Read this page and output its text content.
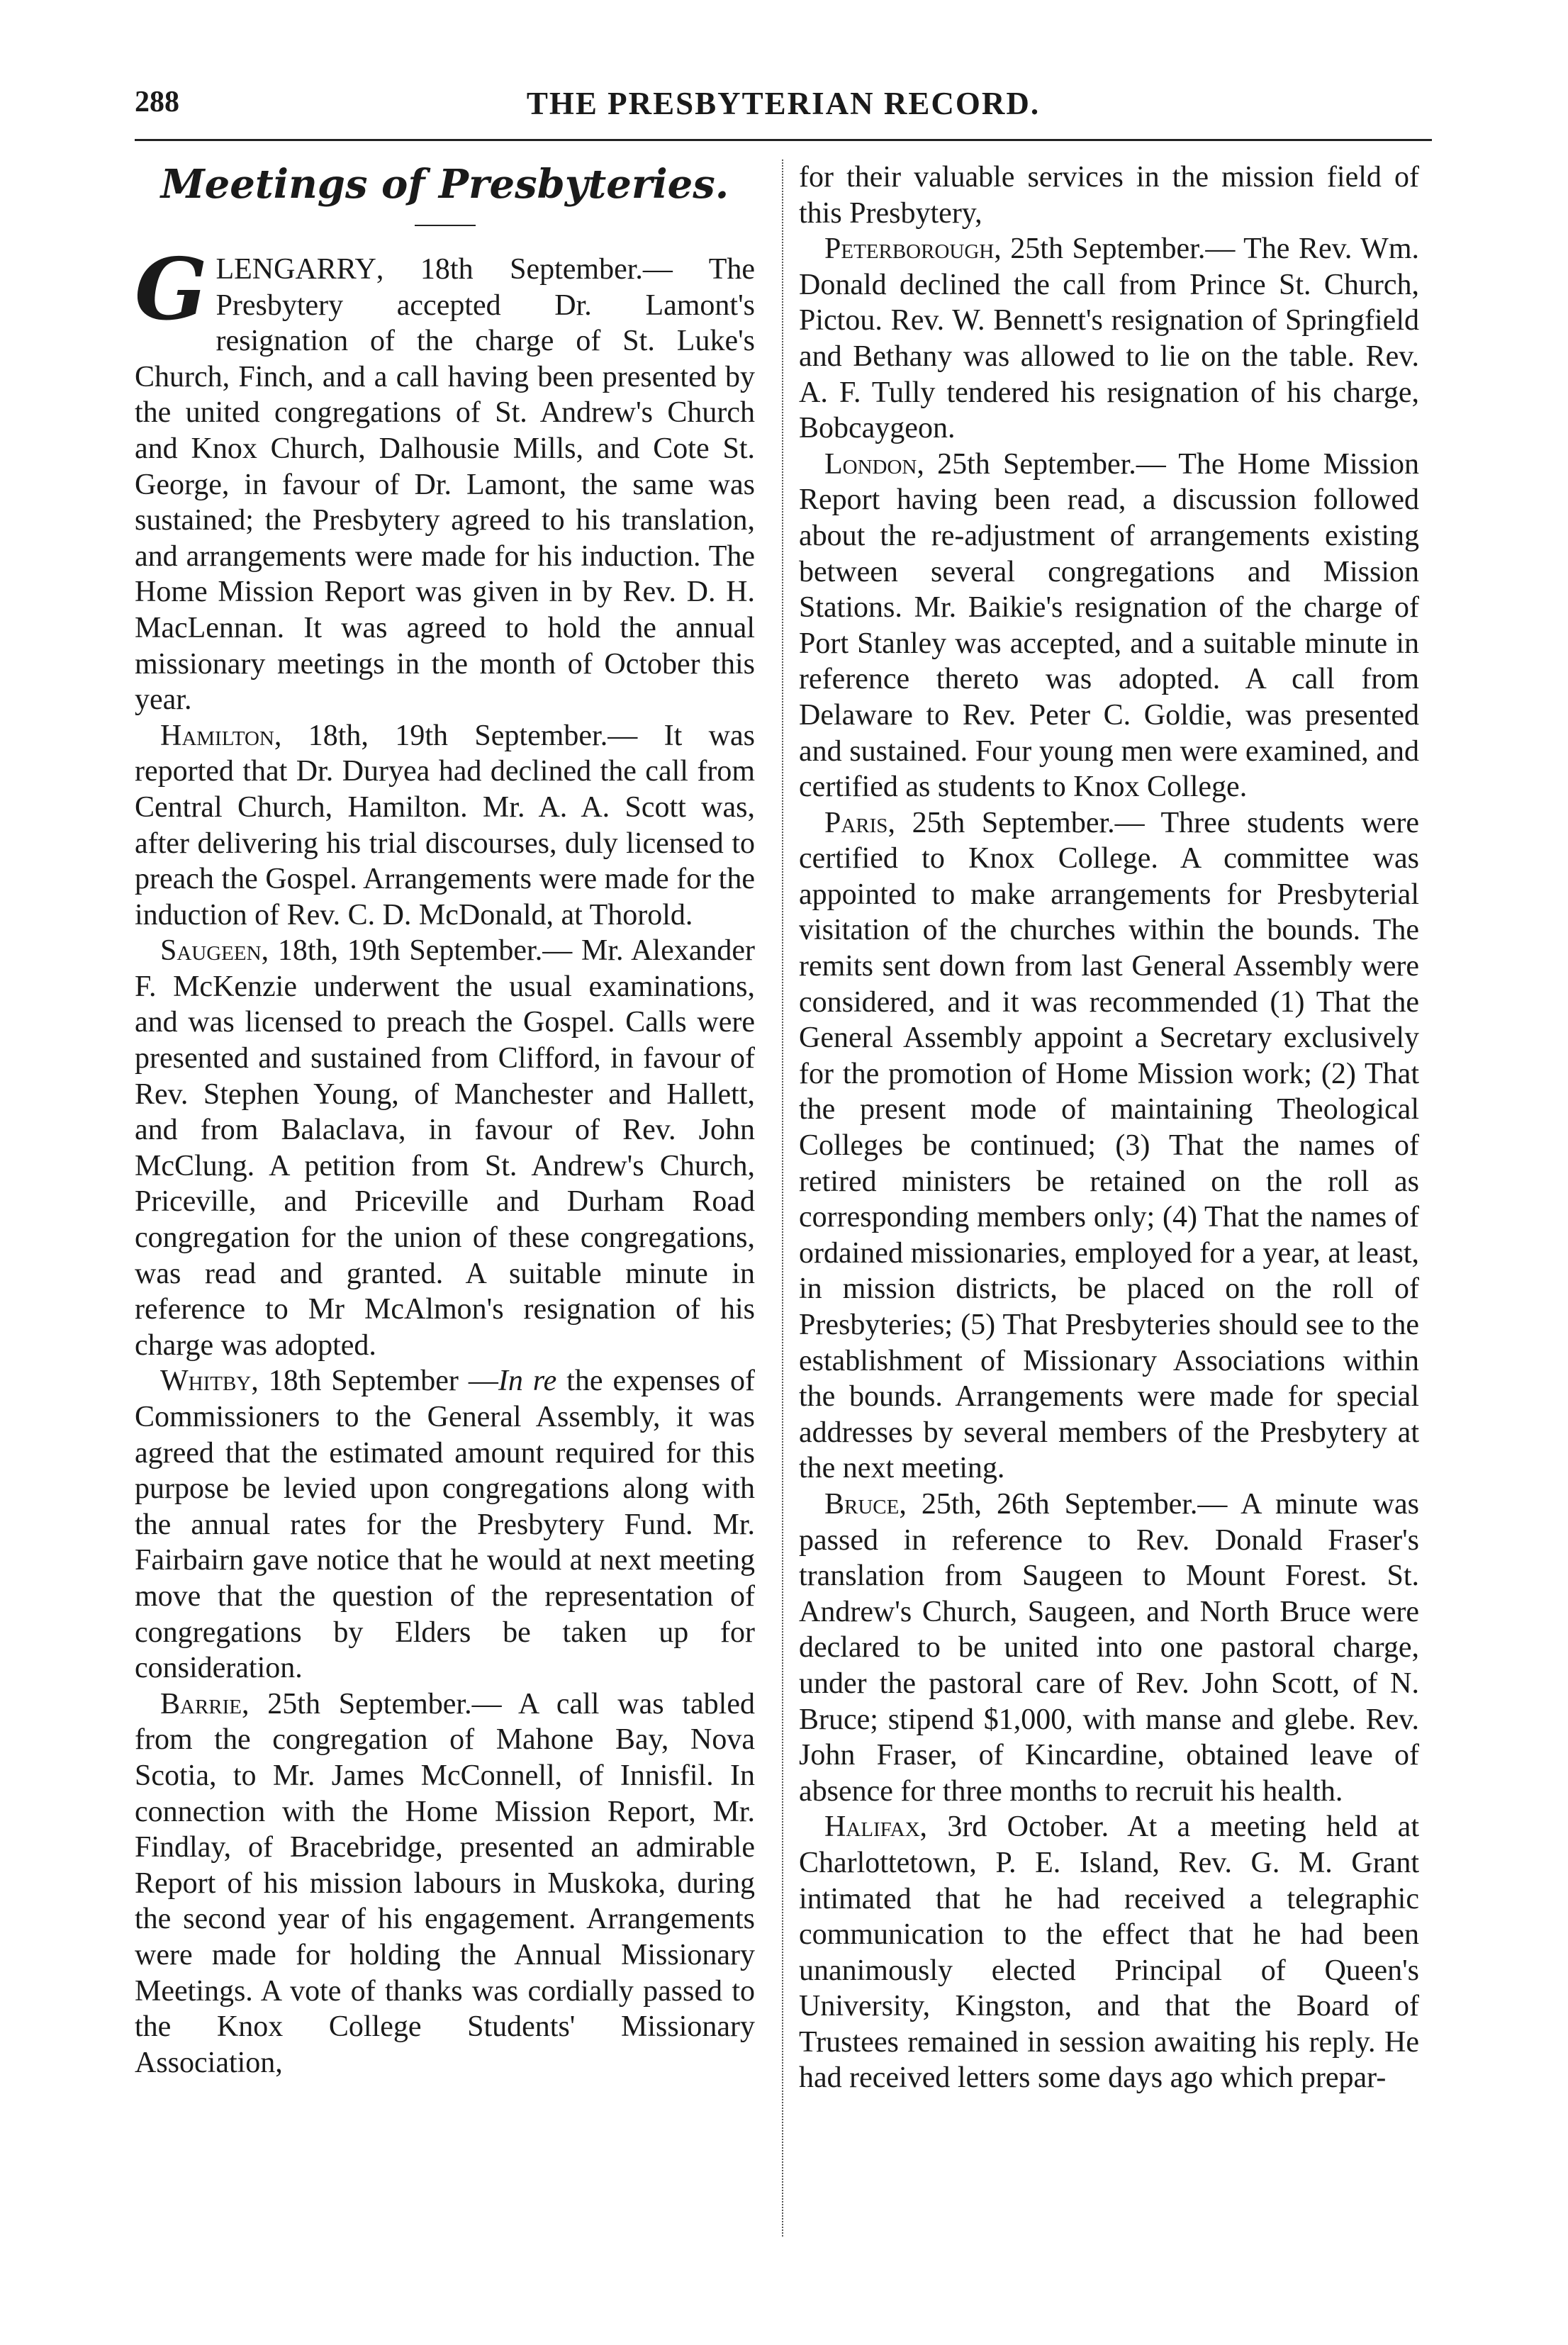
288	THE PRESBYTERIAN RECORD.
Meetings of Presbyteries.

GLENGARRY, 18th September.— The Presbytery accepted Dr. Lamont's resignation of the charge of St. Luke's Church, Finch, and a call having been presented by the united congregations of St. Andrew's Church and Knox Church, Dalhousie Mills, and Cote St. George, in favour of Dr. Lamont, the same was sustained; the Presbytery agreed to his translation, and arrangements were made for his induction. The Home Mission Report was given in by Rev. D. H. MacLennan. It was agreed to hold the annual missionary meetings in the month of October this year.

Hamilton, 18th, 19th September.— It was reported that Dr. Duryea had declined the call from Central Church, Hamilton. Mr. A. A. Scott was, after delivering his trial discourses, duly licensed to preach the Gospel. Arrangements were made for the induction of Rev. C. D. McDonald, at Thorold.

Saugeen, 18th, 19th September.— Mr. Alexander F. McKenzie underwent the usual examinations, and was licensed to preach the Gospel. Calls were presented and sustained from Clifford, in favour of Rev. Stephen Young, of Manchester and Hallett, and from Balaclava, in favour of Rev. John McClung. A petition from St. Andrew's Church, Priceville, and Priceville and Durham Road congregation for the union of these congregations, was read and granted. A suitable minute in reference to Mr McAlmon's resignation of his charge was adopted.

Whitby, 18th September —In re the expenses of Commissioners to the General Assembly, it was agreed that the estimated amount required for this purpose be levied upon congregations along with the annual rates for the Presbytery Fund. Mr. Fairbairn gave notice that he would at next meeting move that the question of the representation of congregations by Elders be taken up for consideration.

Barrie, 25th September.— A call was tabled from the congregation of Mahone Bay, Nova Scotia, to Mr. James McConnell, of Innisfil. In connection with the Home Mission Report, Mr. Findlay, of Bracebridge, presented an admirable Report of his mission labours in Muskoka, during the second year of his engagement. Arrangements were made for holding the Annual Missionary Meetings. A vote of thanks was cordially passed to the Knox College Students' Missionary Association,

for their valuable services in the mission field of this Presbytery,

Peterborough, 25th September.— The Rev. Wm. Donald declined the call from Prince St. Church, Pictou. Rev. W. Bennett's resignation of Springfield and Bethany was allowed to lie on the table. Rev. A. F. Tully tendered his resignation of his charge, Bobcaygeon.

London, 25th September.— The Home Mission Report having been read, a discussion followed about the re-adjustment of arrangements existing between several congregations and Mission Stations. Mr. Baikie's resignation of the charge of Port Stanley was accepted, and a suitable minute in reference thereto was adopted. A call from Delaware to Rev. Peter C. Goldie, was presented and sustained. Four young men were examined, and certified as students to Knox College.

Paris, 25th September.— Three students were certified to Knox College. A committee was appointed to make arrangements for Presbyterial visitation of the churches within the bounds. The remits sent down from last General Assembly were considered, and it was recommended (1) That the General Assembly appoint a Secretary exclusively for the promotion of Home Mission work; (2) That the present mode of maintaining Theological Colleges be continued; (3) That the names of retired ministers be retained on the roll as corresponding members only; (4) That the names of ordained missionaries, employed for a year, at least, in mission districts, be placed on the roll of Presbyteries; (5) That Presbyteries should see to the establishment of Missionary Associations within the bounds. Arrangements were made for special addresses by several members of the Presbytery at the next meeting.

Bruce, 25th, 26th September.— A minute was passed in reference to Rev. Donald Fraser's translation from Saugeen to Mount Forest. St. Andrew's Church, Saugeen, and North Bruce were declared to be united into one pastoral charge, under the pastoral care of Rev. John Scott, of N. Bruce; stipend $1,000, with manse and glebe. Rev. John Fraser, of Kincardine, obtained leave of absence for three months to recruit his health.

Halifax, 3rd October. At a meeting held at Charlottetown, P. E. Island, Rev. G. M. Grant intimated that he had received a telegraphic communication to the effect that he had been unanimously elected Principal of Queen's University, Kingston, and that the Board of Trustees remained in session awaiting his reply. He had received letters some days ago which prepar-
